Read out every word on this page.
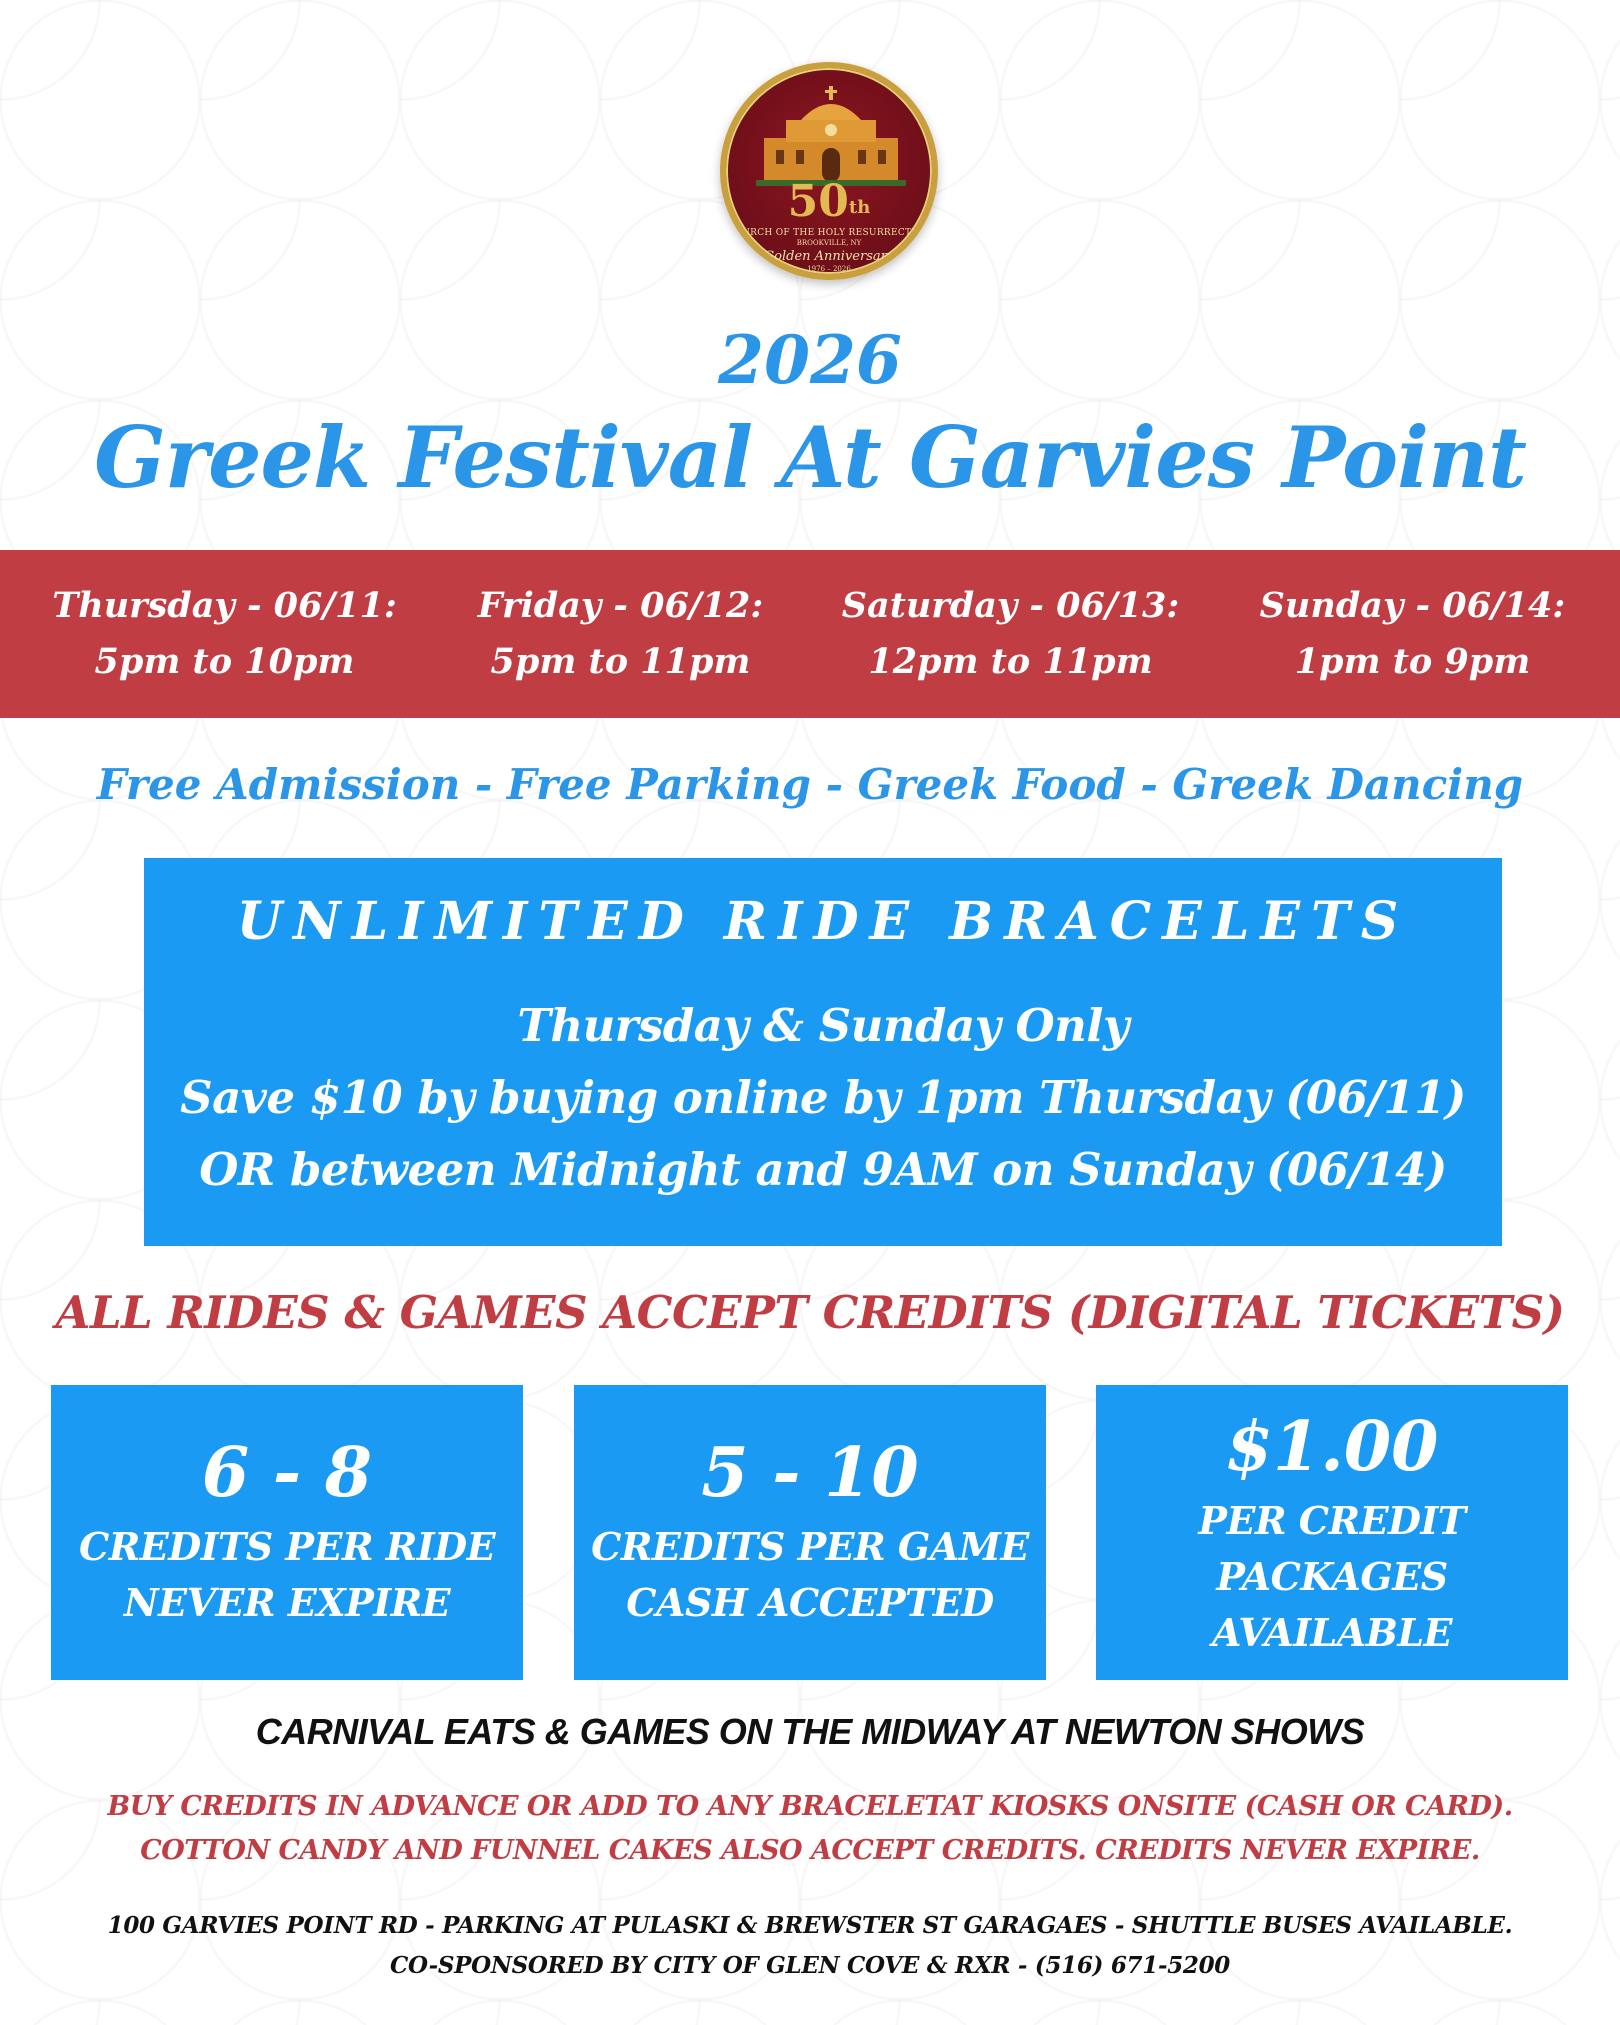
50th
CHURCH OF THE HOLY RESURRECTION
BROOKVILLE, NY
Golden Anniversary
1976 – 2026
2026
Greek Festival At Garvies Point
Thursday - 06/11:
5pm to 10pm
Friday - 06/12:
5pm to 11pm
Saturday - 06/13:
12pm to 11pm
Sunday - 06/14:
1pm to 9pm
Free Admission - Free Parking - Greek Food - Greek Dancing
UNLIMITED RIDE BRACELETS
Thursday & Sunday Only
Save $10 by buying online by 1pm Thursday (06/11)
OR between Midnight and 9AM on Sunday (06/14)
ALL RIDES & GAMES ACCEPT CREDITS (DIGITAL TICKETS)
6 - 8
CREDITS PER RIDE
NEVER EXPIRE
5 - 10
CREDITS PER GAME
CASH ACCEPTED
$1.00
PER CREDIT
PACKAGES
AVAILABLE
CARNIVAL EATS & GAMES ON THE MIDWAY AT NEWTON SHOWS
BUY CREDITS IN ADVANCE OR ADD TO ANY BRACELETAT KIOSKS ONSITE (CASH OR CARD).
COTTON CANDY AND FUNNEL CAKES ALSO ACCEPT CREDITS. CREDITS NEVER EXPIRE.
100 GARVIES POINT RD - PARKING AT PULASKI & BREWSTER ST GARAGAES - SHUTTLE BUSES AVAILABLE.
CO-SPONSORED BY CITY OF GLEN COVE & RXR - (516) 671-5200
